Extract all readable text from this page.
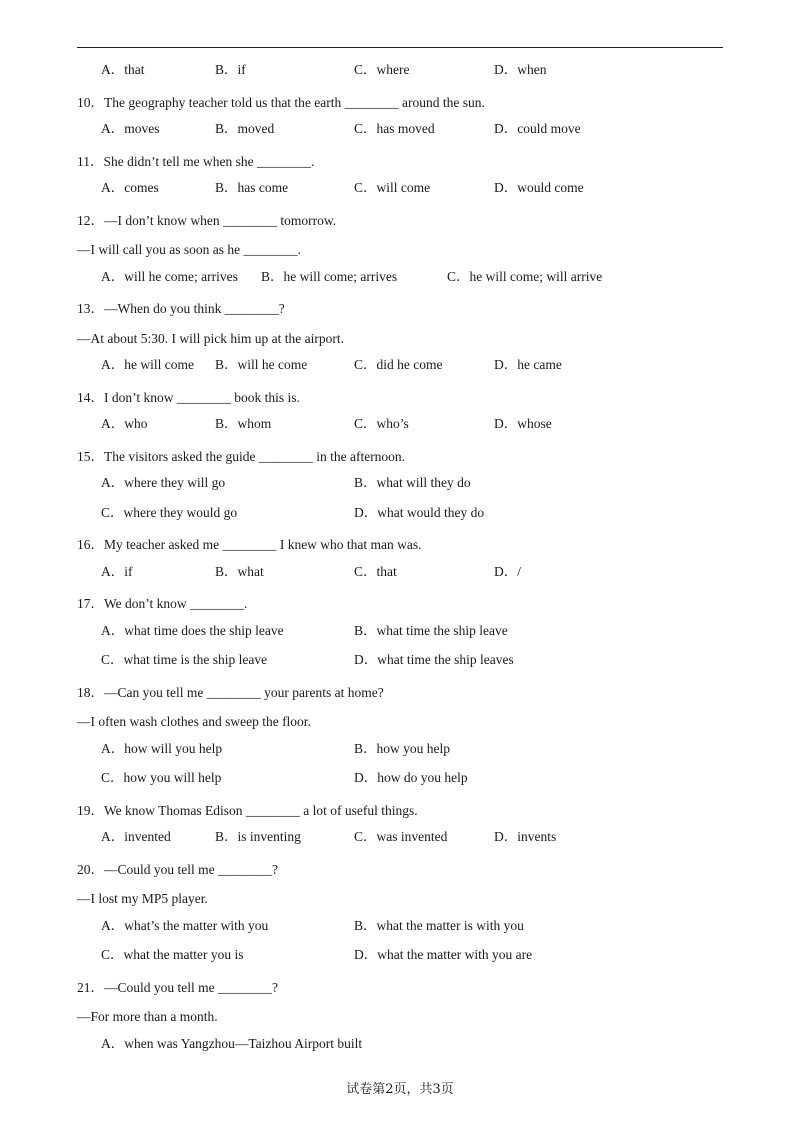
A．that	B．if	C．where	D．when
10．The geography teacher told us that the earth ________ around the sun.
A．moves	B．moved	C．has moved	D．could move
11．She didn’t tell me when she ________.
A．comes	B．has come	C．will come	D．would come
12．—I don’t know when ________ tomorrow.
—I will call you as soon as he ________.
A．will he come; arrives B．he will come; arrives	C．he will come; will arrive
13．—When do you think ________?
—At about 5:30. I will pick him up at the airport.
A．he will come B．will he come	C．did he come	D．he came
14．I don’t know ________ book this is.
A．who	B．whom	C．who’s	D．whose
15．The visitors asked the guide ________ in the afternoon.
A．where they will go	B．what will they do
C．where they would go	D．what would they do
16．My teacher asked me ________ I knew who that man was.
A．if	B．what	C．that	D．/
17．We don’t know ________.
A．what time does the ship leave	B．what time the ship leave
C．what time is the ship leave	D．what time the ship leaves
18．—Can you tell me ________ your parents at home?
—I often wash clothes and sweep the floor.
A．how will you help	B．how you help
C．how you will help	D．how do you help
19．We know Thomas Edison ________ a lot of useful things.
A．invented	B．is inventing	C．was invented	D．invents
20．—Could you tell me ________?
—I lost my MP5 player.
A．what’s the matter with you	B．what the matter is with you
C．what the matter you is	D．what the matter with you are
21．—Could you tell me ________?
—For more than a month.
A．when was Yangzhou—Taizhou Airport built
试卷第2页，共3页
